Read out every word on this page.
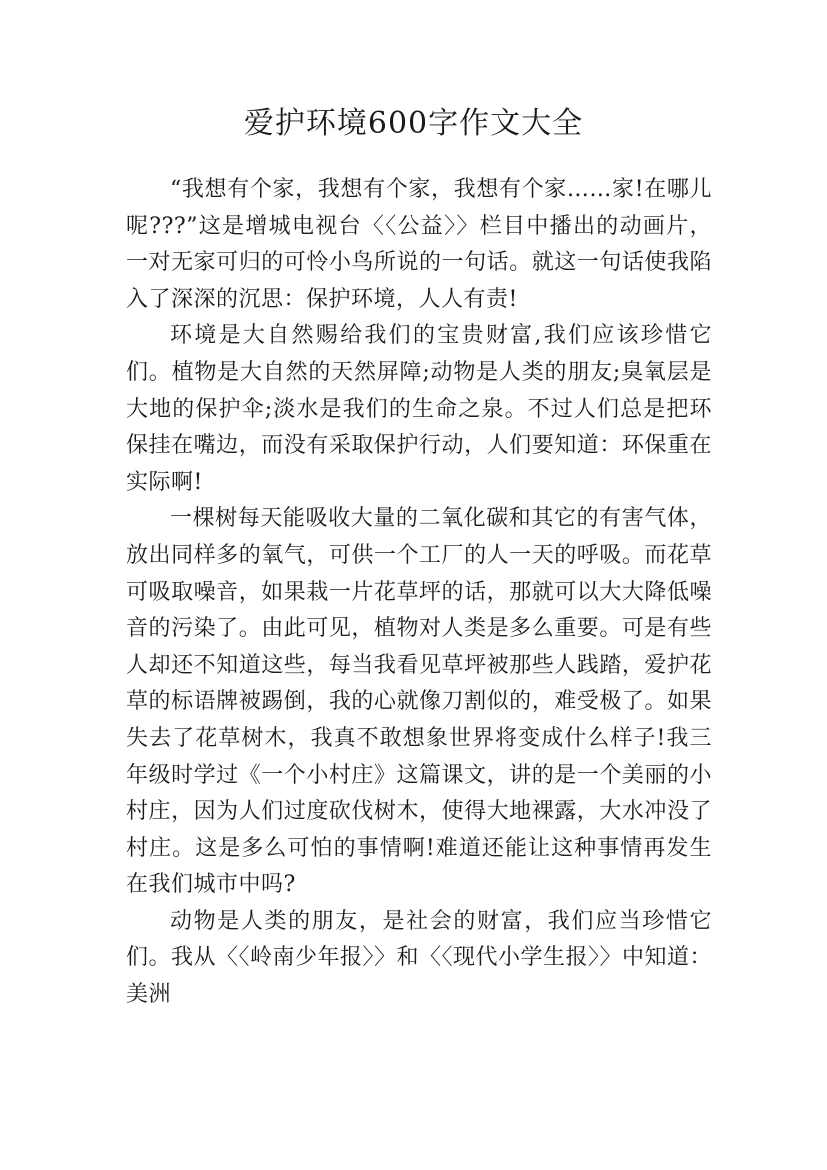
爱护环境600字作文大全

“我想有个家，我想有个家，我想有个家……家!在哪儿呢???”这是增城电视台〈〈公益〉〉栏目中播出的动画片，一对无家可归的可怜小鸟所说的一句话。就这一句话使我陷入了深深的沉思：保护环境，人人有责!

环境是大自然赐给我们的宝贵财富,我们应该珍惜它们。植物是大自然的天然屏障;动物是人类的朋友;臭氧层是大地的保护伞;淡水是我们的生命之泉。不过人们总是把环保挂在嘴边，而没有采取保护行动，人们要知道：环保重在实际啊!

一棵树每天能吸收大量的二氧化碳和其它的有害气体，放出同样多的氧气，可供一个工厂的人一天的呼吸。而花草可吸取噪音，如果栽一片花草坪的话，那就可以大大降低噪音的污染了。由此可见，植物对人类是多么重要。可是有些人却还不知道这些，每当我看见草坪被那些人践踏，爱护花草的标语牌被踢倒，我的心就像刀割似的，难受极了。如果失去了花草树木，我真不敢想象世界将变成什么样子!我三年级时学过《一个小村庄》这篇课文，讲的是一个美丽的小村庄，因为人们过度砍伐树木，使得大地裸露，大水冲没了村庄。这是多么可怕的事情啊!难道还能让这种事情再发生在我们城市中吗?

动物是人类的朋友，是社会的财富，我们应当珍惜它们。我从〈〈岭南少年报〉〉和〈〈现代小学生报〉〉中知道：美洲
